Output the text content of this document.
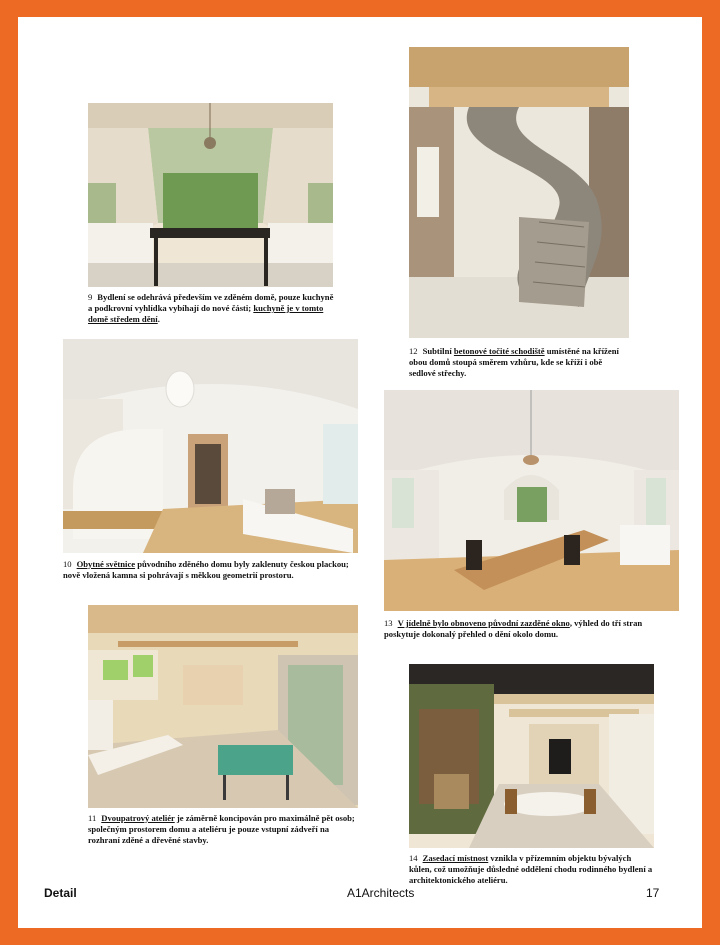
9 Bydlení se odehrává především ve zděném domě, pouze kuchyně a podkrovní vyhlídka vybíhají do nové části; kuchyně je v tomto domě středem dění.
12 Subtilní betonové točité schodiště umístěné na křížení obou domů stoupá směrem vzhůru, kde se kříží i obě sedlové střechy.
10 Obytné světnice původního zděného domu byly zaklenuty českou plackou; nově vložená kamna si pohrávají s měkkou geometrií prostoru.
13 V jídelně bylo obnoveno původní zazděné okno, výhled do tří stran poskytuje dokonalý přehled o dění okolo domu.
11 Dvoupatrový ateliér je záměrně koncipován pro maximálně pět osob; společným prostorem domu a ateliéru je pouze vstupní zádveří na rozhraní zděné a dřevěné stavby.
14 Zasedací místnost vznikla v přízemním objektu bývalých kůlen, což umožňuje důsledné oddělení chodu rodinného bydlení a architektonického ateliéru.
Detail	A1Architects	17
